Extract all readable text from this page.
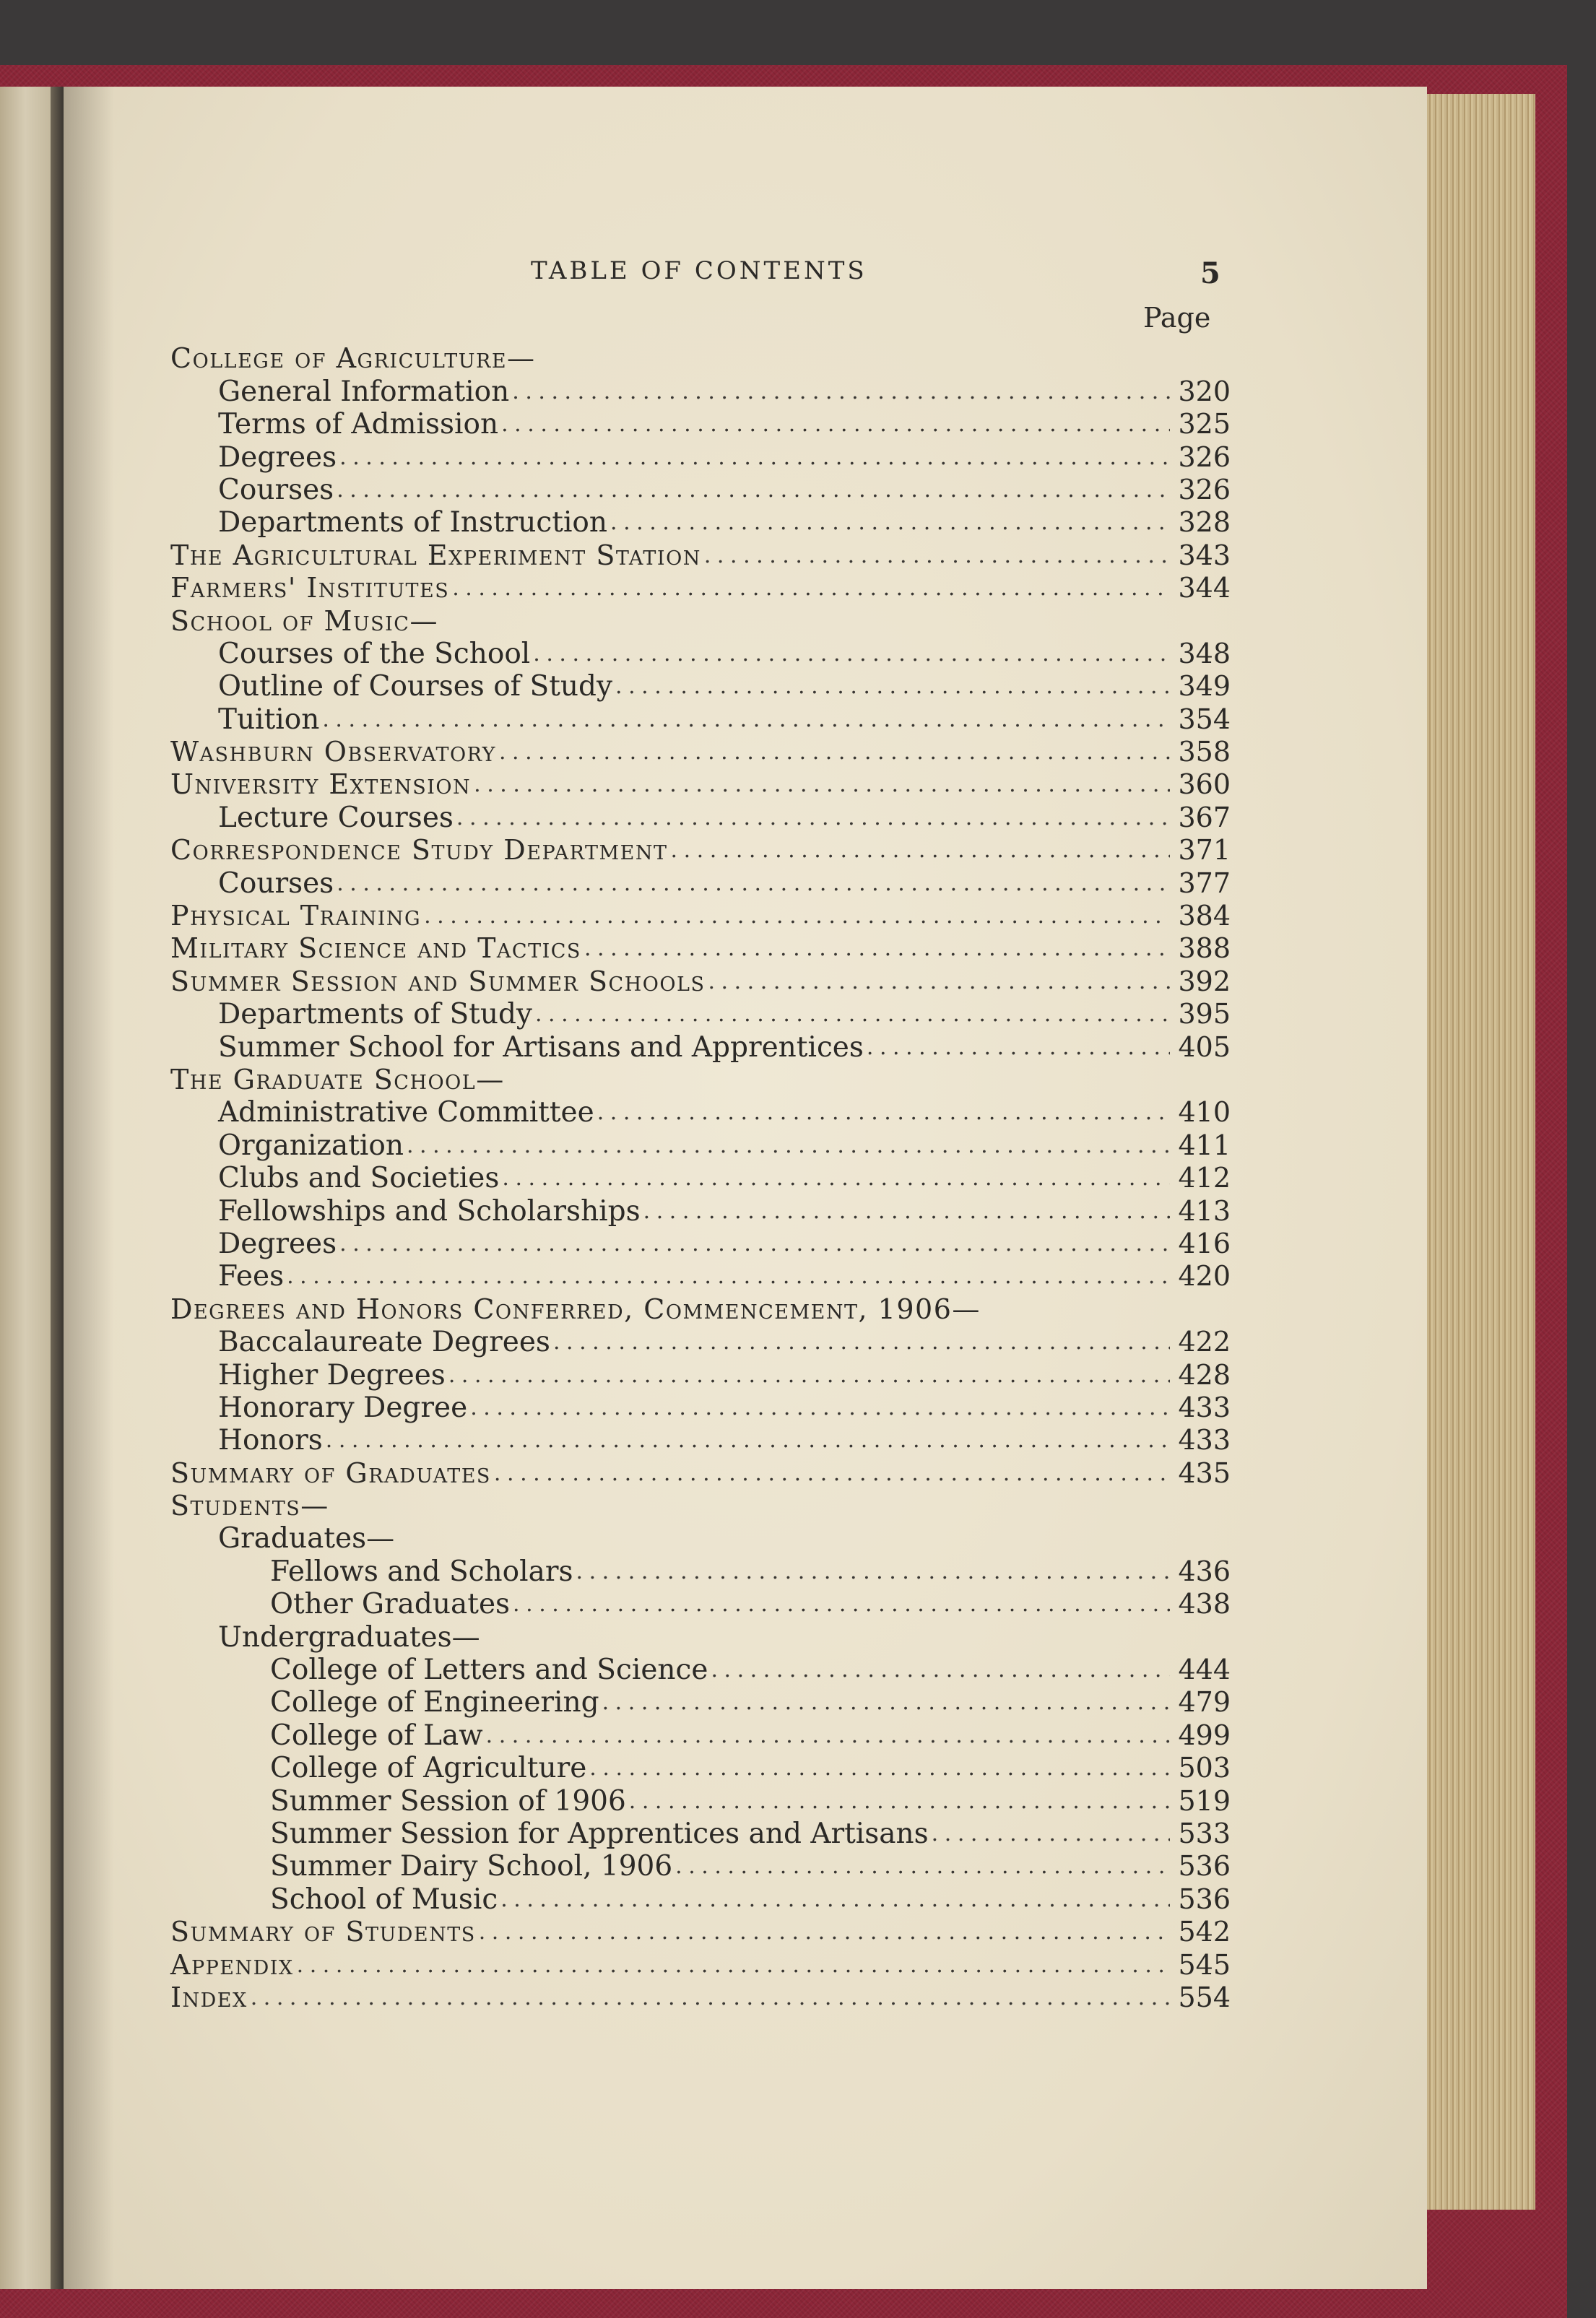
TABLE OF CONTENTS	5
Page
College of Agriculture—
General Information . . .	320
Terms of Admission . . .	325
Degrees . . .	326
Courses . . .	326
Departments of Instruction . . .	328
The Agricultural Experiment Station . . .	343
Farmers' Institutes . . .	344
School of Music—
Courses of the School . . .	348
Outline of Courses of Study . . .	349
Tuition . . .	354
Washburn Observatory . . .	358
University Extension . . .	360
Lecture Courses . . .	367
Correspondence Study Department . . .	371
Courses . . .	377
Physical Training . . .	384
Military Science and Tactics . . .	388
Summer Session and Summer Schools . . .	392
Departments of Study . . .	395
Summer School for Artisans and Apprentices . . .	405
The Graduate School—
Administrative Committee . . .	410
Organization . . .	411
Clubs and Societies . . .	412
Fellowships and Scholarships . . .	413
Degrees . . .	416
Fees . . .	420
Degrees and Honors Conferred, Commencement, 1906—
Baccalaureate Degrees . . .	422
Higher Degrees . . .	428
Honorary Degree . . .	433
Honors . . .	433
Summary of Graduates . . .	435
Students—
Graduates—
Fellows and Scholars . . .	436
Other Graduates . . .	438
Undergraduates—
College of Letters and Science . . .	444
College of Engineering . . .	479
College of Law . . .	499
College of Agriculture . . .	503
Summer Session of 1906 . . .	519
Summer Session for Apprentices and Artisans . . .	533
Summer Dairy School, 1906 . . .	536
School of Music . . .	536
Summary of Students . . .	542
Appendix . . .	545
Index . . .	554
